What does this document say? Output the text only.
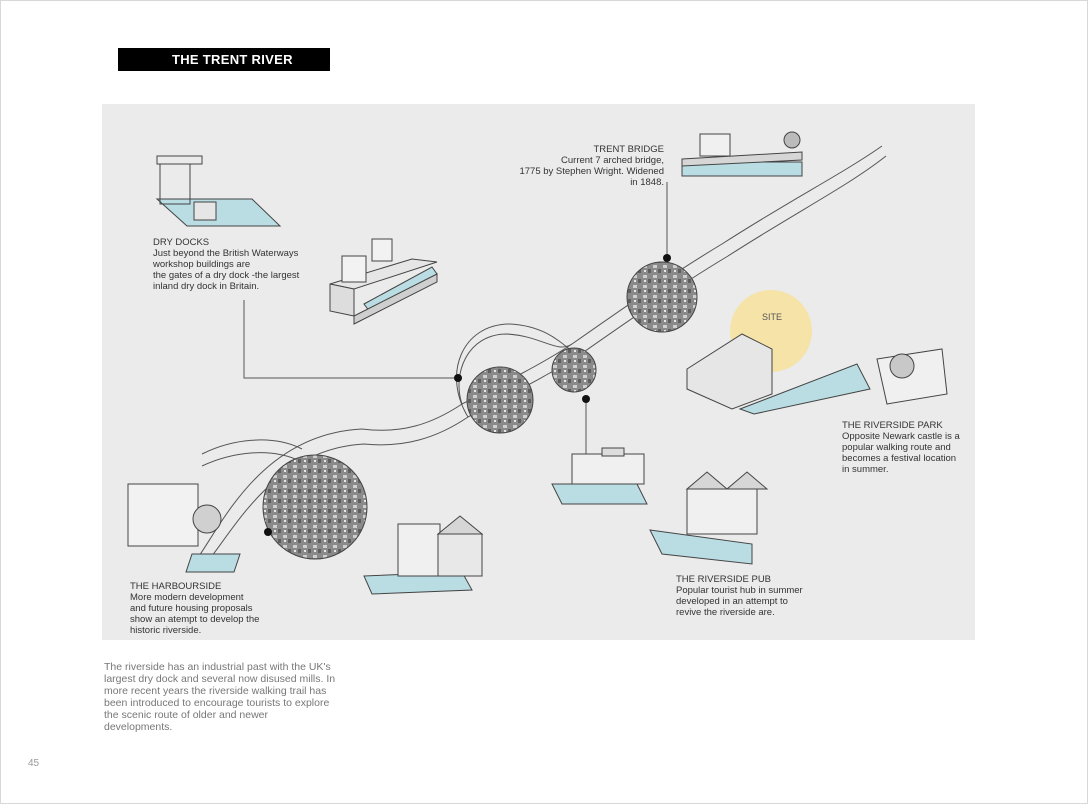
THE TRENT RIVER
SITE
TRENT BRIDGE
Current 7 arched bridge,
1775 by Stephen Wright. Widened
in 1848.
DRY DOCKS
Just beyond the British Waterways
workshop buildings are
the gates of a dry dock -the largest
inland dry dock in Britain.
THE RIVERSIDE PARK
Opposite Newark castle is a
popular walking route and
becomes a festival location
in summer.
THE HARBOURSIDE
More modern development
and future housing proposals
show an atempt to develop the
historic riverside.
THE RIVERSIDE PUB
Popular tourist hub in summer
developed in an attempt to
revive the riverside are.
The riverside has an industrial past with the UK's largest dry dock and several now disused mills. In more recent years the riverside walking trail has been introduced to encourage tourists to explore the scenic route of older and newer developments.
45
